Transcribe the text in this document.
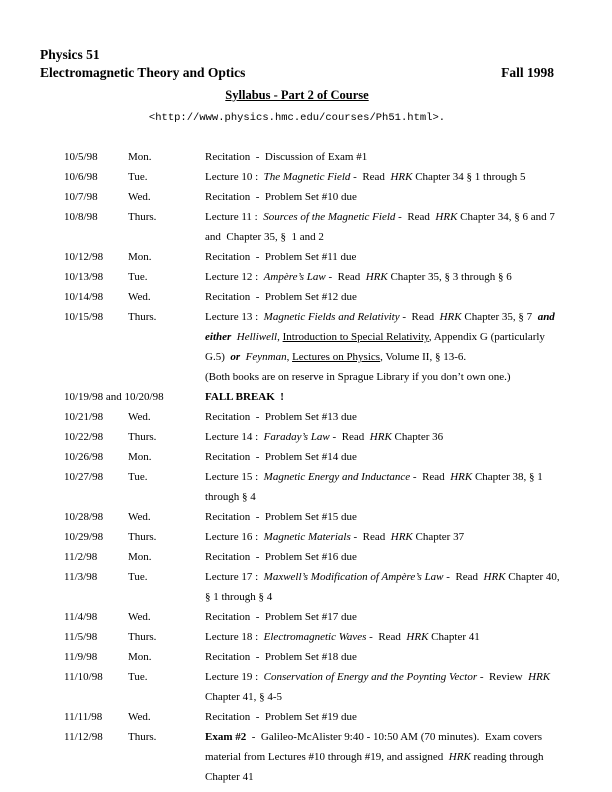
Physics 51
Electromagnetic Theory and Optics	Fall 1998
Syllabus - Part 2 of Course
<http://www.physics.hmc.edu/courses/Ph51.html>.
10/5/98	Mon.	Recitation  -  Discussion of Exam #1
10/6/98	Tue.	Lecture 10 :  The Magnetic Field -  Read  HRK Chapter 34 § 1 through 5
10/7/98	Wed.	Recitation  -  Problem Set #10 due
10/8/98	Thurs.	Lecture 11 :  Sources of the Magnetic Field -  Read  HRK Chapter 34, § 6 and 7  and  Chapter 35, §  1 and 2
10/12/98	Mon.	Recitation  -  Problem Set #11 due
10/13/98	Tue.	Lecture 12 :  Ampère’s Law -  Read  HRK Chapter 35, § 3 through § 6
10/14/98	Wed.	Recitation  -  Problem Set #12 due
10/15/98	Thurs.	Lecture 13 :  Magnetic Fields and Relativity -  Read  HRK Chapter 35, § 7  and  either Helliwell, Introduction to Special Relativity, Appendix G (particularly G.5)  or Feynman, Lectures on Physics, Volume II, § 13-6.
(Both books are on reserve in Sprague Library if you don’t own one.)
10/19/98 and 10/20/98	FALL BREAK  !
10/21/98	Wed.	Recitation  -  Problem Set #13 due
10/22/98	Thurs.	Lecture 14 :  Faraday’s Law -  Read  HRK Chapter 36
10/26/98	Mon.	Recitation  -  Problem Set #14 due
10/27/98	Tue.	Lecture 15 :  Magnetic Energy and Inductance -  Read  HRK Chapter 38, § 1 through § 4
10/28/98	Wed.	Recitation  -  Problem Set #15 due
10/29/98	Thurs.	Lecture 16 :  Magnetic Materials -  Read  HRK Chapter 37
11/2/98	Mon.	Recitation  -  Problem Set #16 due
11/3/98	Tue.	Lecture 17 :  Maxwell’s Modification of Ampère’s Law -  Read  HRK Chapter 40, § 1 through § 4
11/4/98	Wed.	Recitation  -  Problem Set #17 due
11/5/98	Thurs.	Lecture 18 :  Electromagnetic Waves -  Read  HRK Chapter 41
11/9/98	Mon.	Recitation  -  Problem Set #18 due
11/10/98	Tue.	Lecture 19 :  Conservation of Energy and the Poynting Vector -  Review  HRK Chapter 41, § 4-5
11/11/98	Wed.	Recitation  -  Problem Set #19 due
11/12/98	Thurs.	Exam #2  -  Galileo-McAlister 9:40 - 10:50 AM (70 minutes).  Exam covers material from Lectures #10 through #19, and assigned  HRK reading through Chapter 41
